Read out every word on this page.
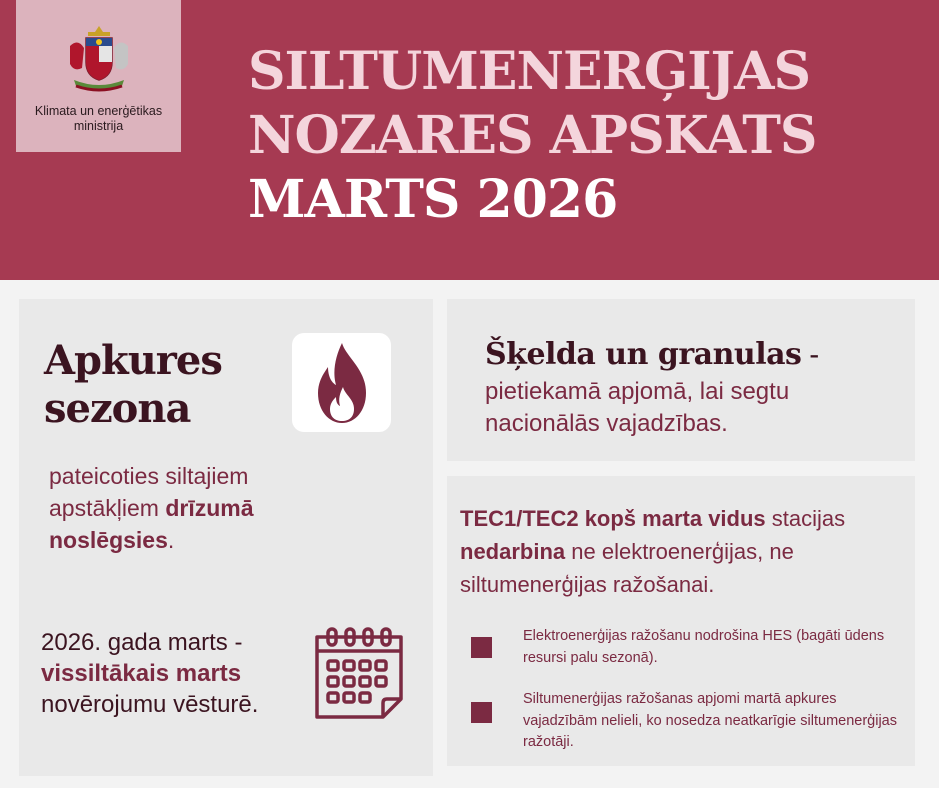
Klimata un enerģētikas ministrija
SILTUMENERĢIJAS
NOZARES APSKATS
MARTS 2026
Apkures
sezona
pateicoties siltajiem apstākļiem drīzumā noslēgsies.
2026. gada marts - vissiltākais marts novērojumu vēsturē.
Šķelda un granulas -
pietiekamā apjomā, lai segtu nacionālās vajadzības.
TEC1/TEC2 kopš marta vidus stacijas nedarbina ne elektroenerģijas, ne siltumenerģijas ražošanai.
Elektroenerģijas ražošanu nodrošina HES (bagāti ūdens resursi palu sezonā).
Siltumenerģijas ražošanas apjomi martā apkures vajadzībām nelieli, ko nosedza neatkarīgie siltumenerģijas ražotāji.
